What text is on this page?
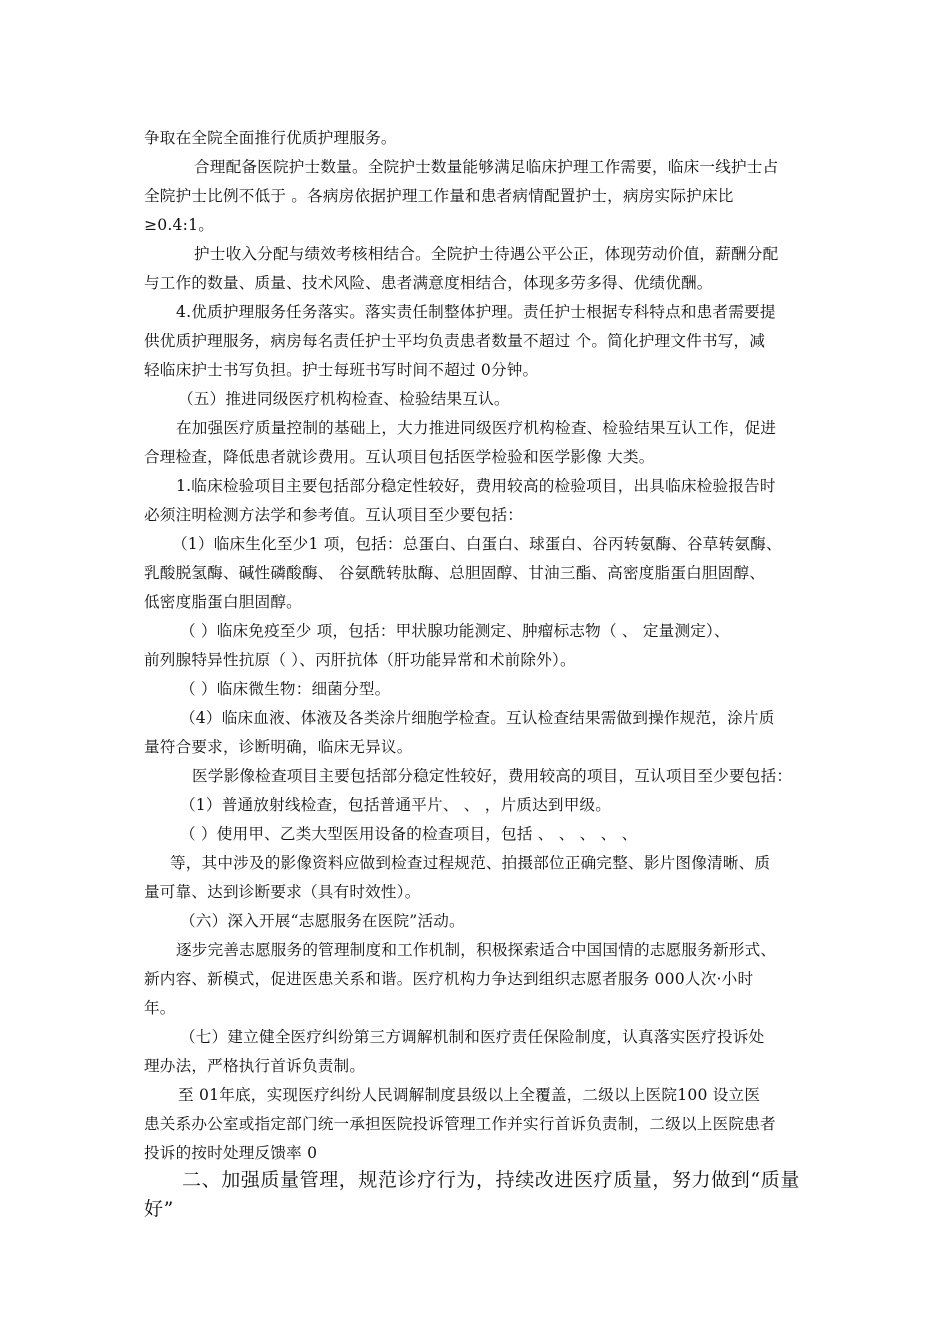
争取在全院全面推行优质护理服务。
合理配备医院护士数量。全院护士数量能够满足临床护理工作需要，临床一线护士占
全院护士比例不低于 。各病房依据护理工作量和患者病情配置护士，病房实际护床比
≥0.4:1。
护士收入分配与绩效考核相结合。全院护士待遇公平公正，体现劳动价值，薪酬分配
与工作的数量、质量、技术风险、患者满意度相结合，体现多劳多得、优绩优酬。
4.优质护理服务任务落实。落实责任制整体护理。责任护士根据专科特点和患者需要提
供优质护理服务，病房每名责任护士平均负责患者数量不超过 个。简化护理文件书写，减
轻临床护士书写负担。护士每班书写时间不超过 0分钟。
（五）推进同级医疗机构检查、检验结果互认。
在加强医疗质量控制的基础上，大力推进同级医疗机构检查、检验结果互认工作，促进
合理检查，降低患者就诊费用。互认项目包括医学检验和医学影像 大类。
1.临床检验项目主要包括部分稳定性较好，费用较高的检验项目，出具临床检验报告时
必须注明检测方法学和参考值。互认项目至少要包括：
（1）临床生化至少1 项，包括：总蛋白、白蛋白、球蛋白、谷丙转氨酶、谷草转氨酶、
乳酸脱氢酶、碱性磷酸酶、 谷氨酰转肽酶、总胆固醇、甘油三酯、高密度脂蛋白胆固醇、
低密度脂蛋白胆固醇。
（ ）临床免疫至少 项，包括：甲状腺功能测定、肿瘤标志物（ 、 定量测定）、
前列腺特异性抗原（ ）、丙肝抗体（肝功能异常和术前除外）。
（ ）临床微生物：细菌分型。
（4）临床血液、体液及各类涂片细胞学检查。互认检查结果需做到操作规范，涂片质
量符合要求，诊断明确，临床无异议。
医学影像检查项目主要包括部分稳定性较好，费用较高的项目，互认项目至少要包括：
（1）普通放射线检查，包括普通平片、 、 ，片质达到甲级。
（ ）使用甲、乙类大型医用设备的检查项目，包括 、 、 、 、 、
等，其中涉及的影像资料应做到检查过程规范、拍摄部位正确完整、影片图像清晰、质
量可靠、达到诊断要求（具有时效性）。
（六）深入开展“志愿服务在医院”活动。
逐步完善志愿服务的管理制度和工作机制，积极探索适合中国国情的志愿服务新形式、
新内容、新模式，促进医患关系和谐。医疗机构力争达到组织志愿者服务 000人次·小时
年。
（七）建立健全医疗纠纷第三方调解机制和医疗责任保险制度，认真落实医疗投诉处
理办法，严格执行首诉负责制。
至 01年底，实现医疗纠纷人民调解制度县级以上全覆盖，二级以上医院100 设立医
患关系办公室或指定部门统一承担医院投诉管理工作并实行首诉负责制，二级以上医院患者
投诉的按时处理反馈率 0
二、加强质量管理，规范诊疗行为，持续改进医疗质量，努力做到“质量
好”
